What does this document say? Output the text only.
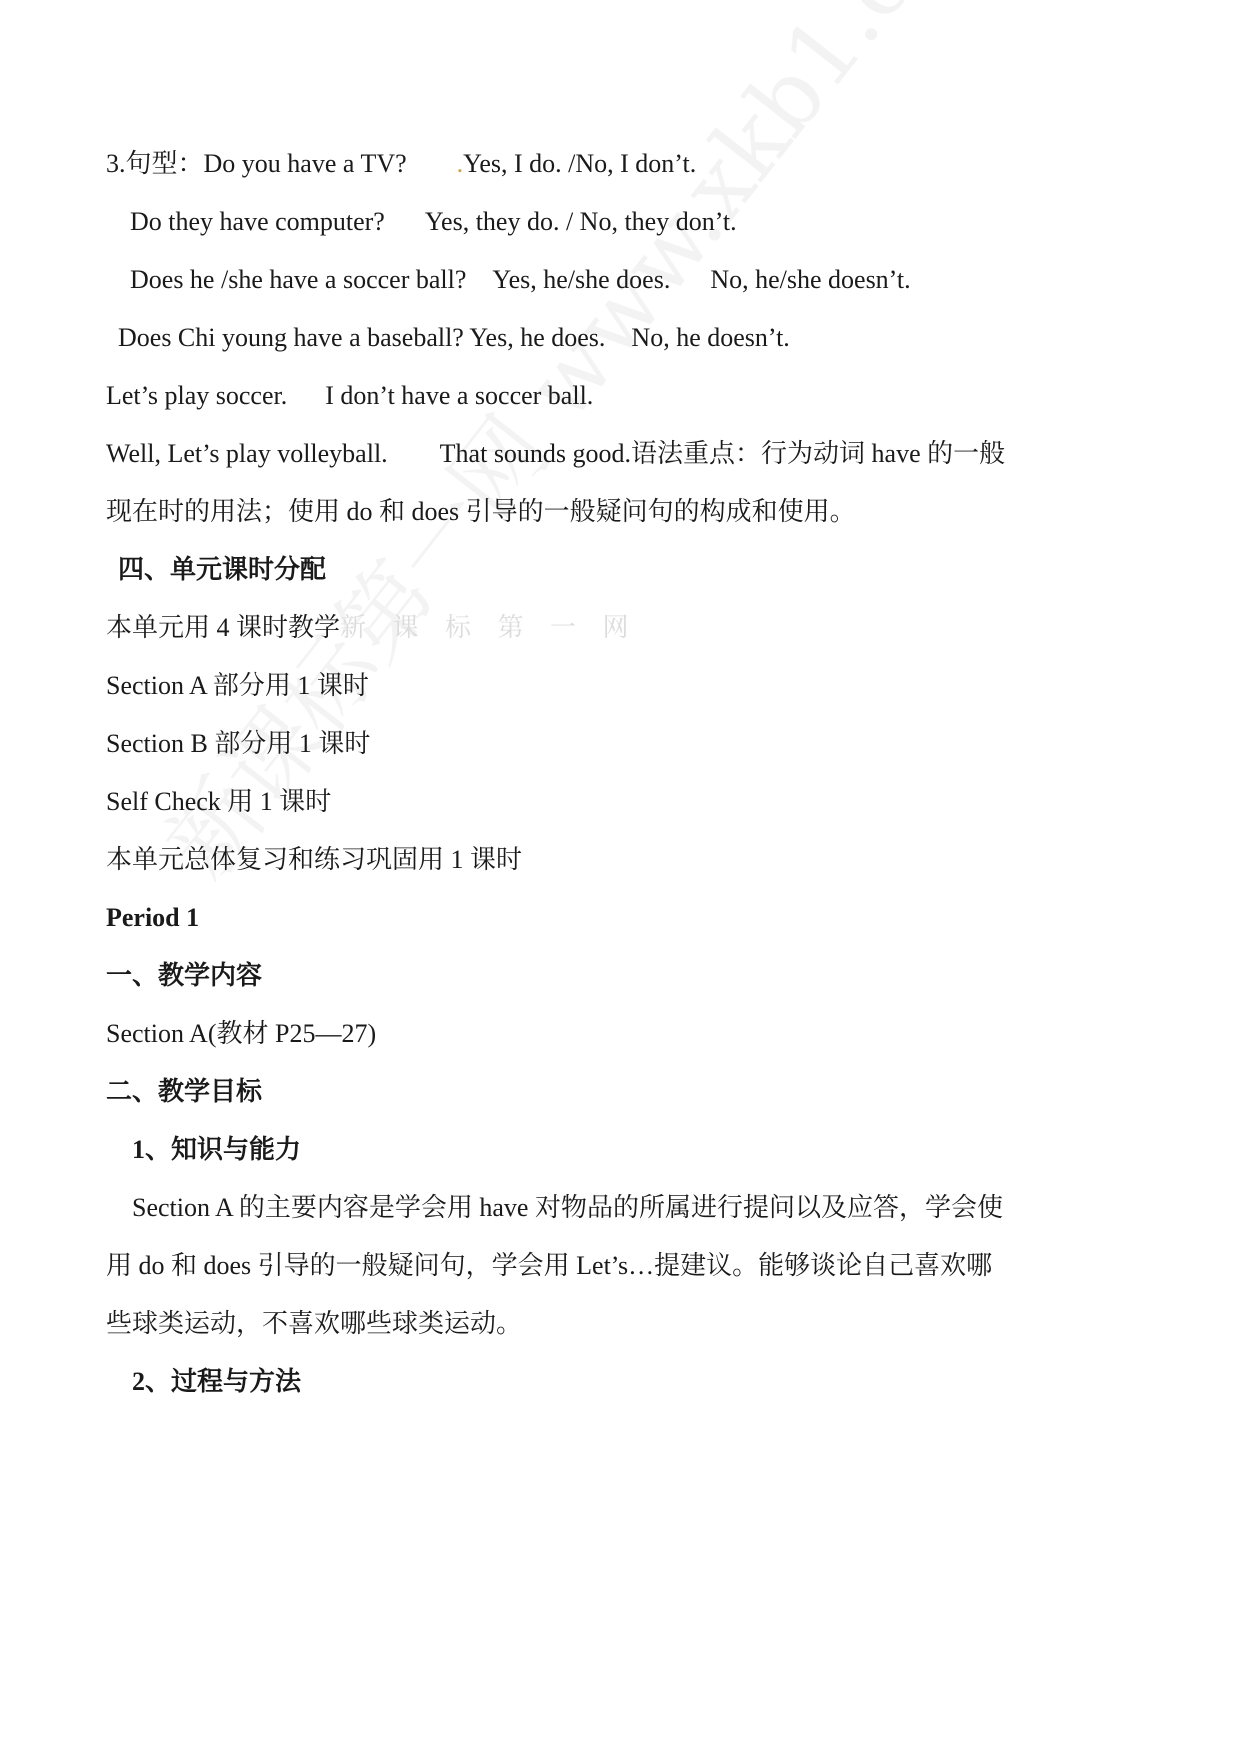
3.句型：Do you have a TV? .Yes, I do. /No, I don’t.
Do they have computer? Yes, they do. / No, they don’t.
Does he /she have a soccer ball? Yes, he/she does. No, he/she doesn’t.
Does Chi young have a baseball? Yes, he does. No, he doesn’t.
Let’s play soccer. I don’t have a soccer ball.
Well, Let’s play volleyball. That sounds good.语法重点：行为动词 have 的一般
现在时的用法；使用 do 和 does 引导的一般疑问句的构成和使用。
四、单元课时分配
本单元用 4 课时教学新 课 标 第 一 网
Section A 部分用 1 课时
Section B 部分用 1 课时
Self Check 用 1 课时
本单元总体复习和练习巩固用 1 课时
Period 1
一、教学内容
Section A(教材 P25—27)
二、教学目标
1、知识与能力
Section A 的主要内容是学会用 have 对物品的所属进行提问以及应答，学会使
用 do 和 does 引导的一般疑问句，学会用 Let’s…提建议。能够谈论自己喜欢哪
些球类运动，不喜欢哪些球类运动。
2、过程与方法
